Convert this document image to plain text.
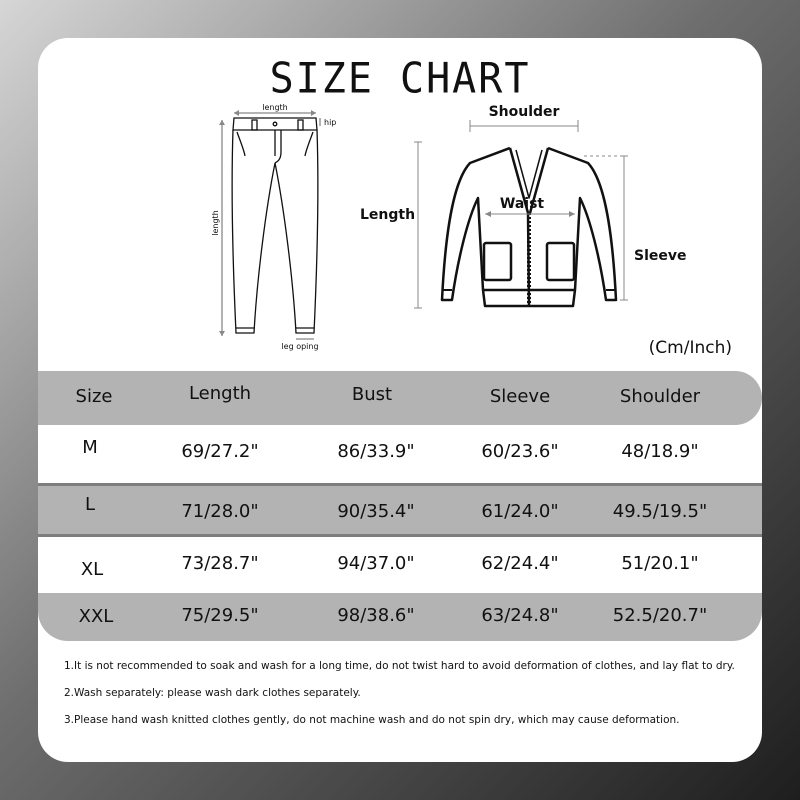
SIZE CHART
length
hip
length
leg oping
Shoulder
Waist
Length
Sleeve
(Cm/Inch)
Size	Length	Bust	Sleeve	Shoulder
M	69/27.2"	86/33.9"	60/23.6"	48/18.9"
L	71/28.0"	90/35.4"	61/24.0"	49.5/19.5"
XL	73/28.7"	94/37.0"	62/24.4"	51/20.1"
XXL	75/29.5"	98/38.6"	63/24.8"	52.5/20.7"
1.It is not recommended to soak and wash for a long time, do not twist hard to avoid deformation of clothes, and lay flat to dry.
2.Wash separately: please wash dark clothes separately.
3.Please hand wash knitted clothes gently, do not machine wash and do not spin dry, which may cause deformation.
